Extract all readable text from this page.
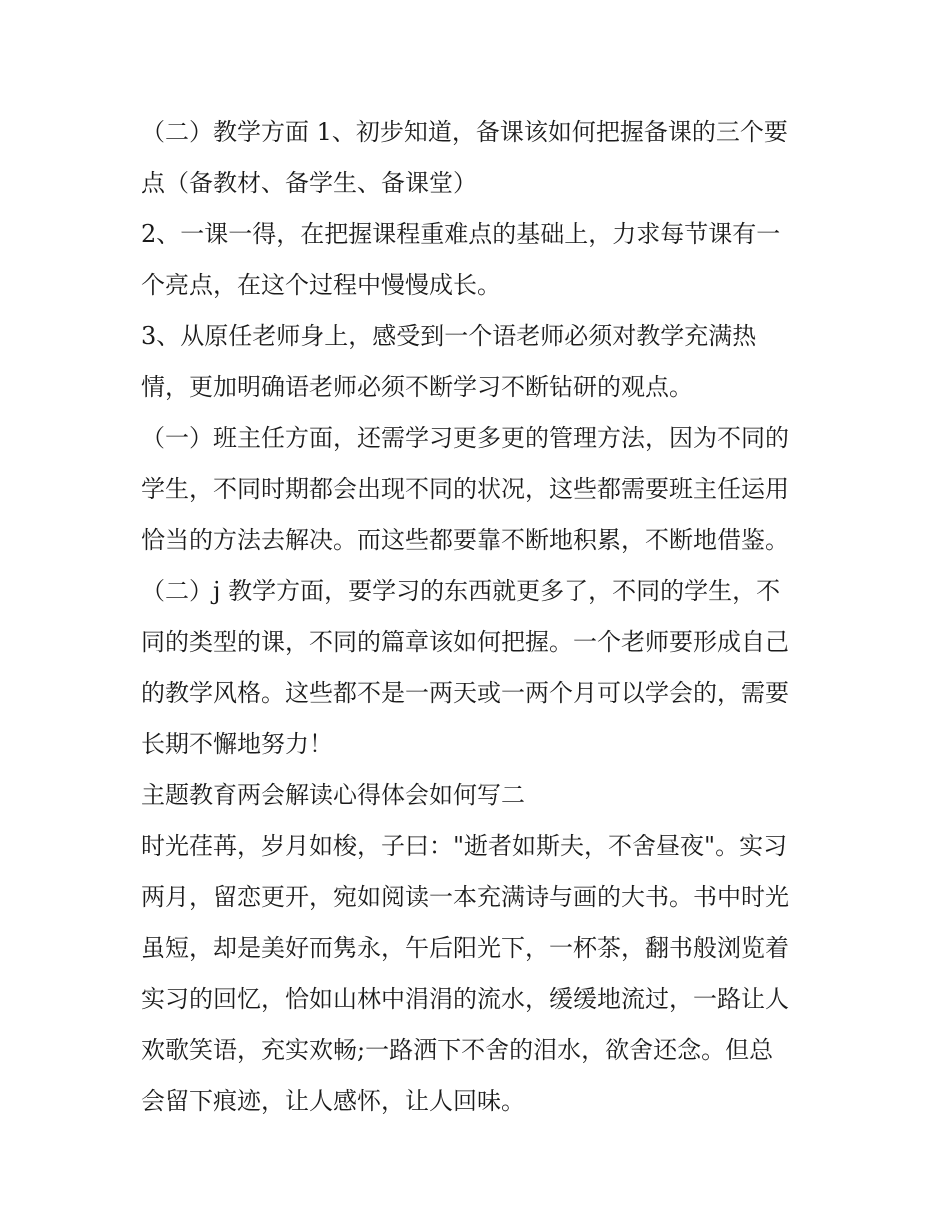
（二）教学方面 1、初步知道，备课该如何把握备课的三个要
点（备教材、备学生、备课堂）
2、一课一得，在把握课程重难点的基础上，力求每节课有一
个亮点，在这个过程中慢慢成长。
3、从原任老师身上，感受到一个语老师必须对教学充满热
情，更加明确语老师必须不断学习不断钻研的观点。
（一）班主任方面，还需学习更多更的管理方法，因为不同的
学生，不同时期都会出现不同的状况，这些都需要班主任运用
恰当的方法去解决。而这些都要靠不断地积累，不断地借鉴。
（二）j 教学方面，要学习的东西就更多了，不同的学生，不
同的类型的课，不同的篇章该如何把握。一个老师要形成自己
的教学风格。这些都不是一两天或一两个月可以学会的，需要
长期不懈地努力！
主题教育两会解读心得体会如何写二
时光荏苒，岁月如梭，子曰："逝者如斯夫，不舍昼夜"。实习
两月，留恋更开，宛如阅读一本充满诗与画的大书。书中时光
虽短，却是美好而隽永，午后阳光下，一杯茶，翻书般浏览着
实习的回忆，恰如山林中涓涓的流水，缓缓地流过，一路让人
欢歌笑语，充实欢畅;一路洒下不舍的泪水，欲舍还念。但总
会留下痕迹，让人感怀，让人回味。
